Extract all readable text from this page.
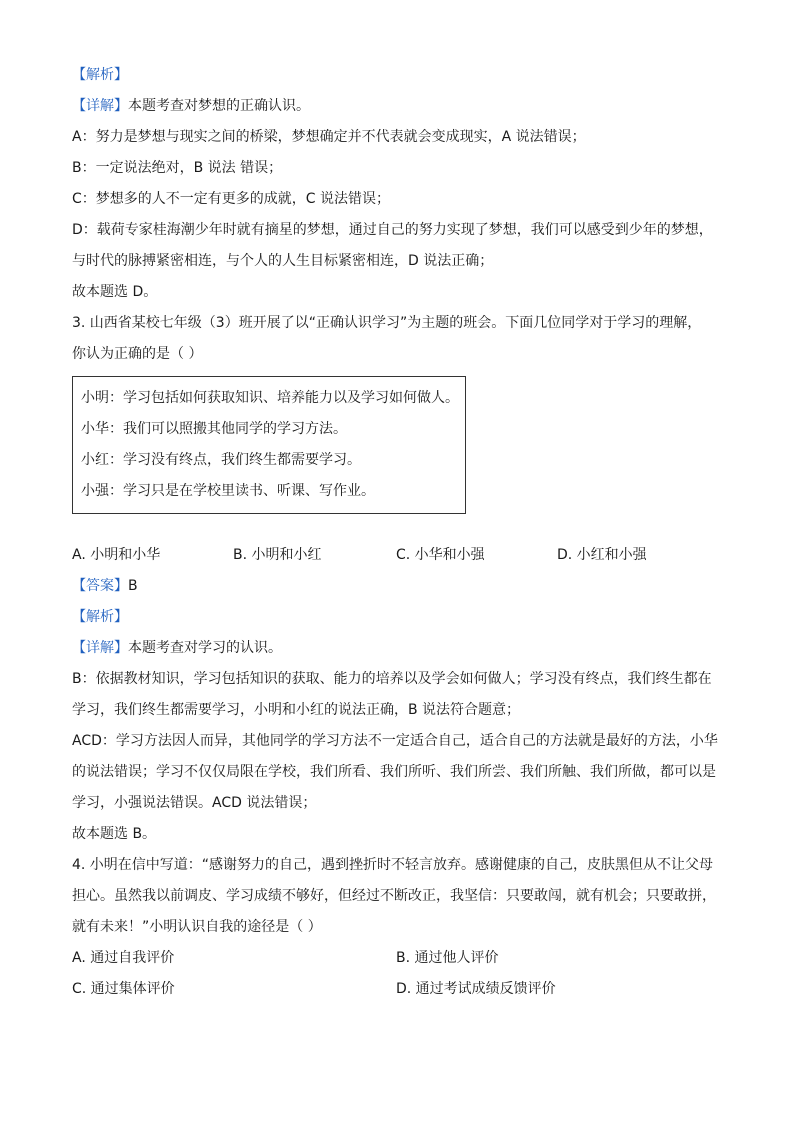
【解析】
【详解】本题考查对梦想的正确认识。
A：努力是梦想与现实之间的桥梁，梦想确定并不代表就会变成现实，A 说法错误；
B：一定说法绝对，B 说法 错误；
C：梦想多的人不一定有更多的成就，C 说法错误；
D：载荷专家桂海潮少年时就有摘星的梦想，通过自己的努力实现了梦想，我们可以感受到少年的梦想，
与时代的脉搏紧密相连，与个人的人生目标紧密相连，D 说法正确；
故本题选 D。
3. 山西省某校七年级（3）班开展了以“正确认识学习”为主题的班会。下面几位同学对于学习的理解，
你认为正确的是（ ）
小明：学习包括如何获取知识、培养能力以及学习如何做人。
小华：我们可以照搬其他同学的学习方法。
小红：学习没有终点，我们终生都需要学习。
小强：学习只是在学校里读书、听课、写作业。
A. 小明和小华	B. 小明和小红	C. 小华和小强	D. 小红和小强
【答案】B
【解析】
【详解】本题考查对学习的认识。
B：依据教材知识，学习包括知识的获取、能力的培养以及学会如何做人；学习没有终点，我们终生都在
学习，我们终生都需要学习，小明和小红的说法正确，B 说法符合题意；
ACD：学习方法因人而异，其他同学的学习方法不一定适合自己，适合自己的方法就是最好的方法，小华
的说法错误；学习不仅仅局限在学校，我们所看、我们所听、我们所尝、我们所触、我们所做，都可以是
学习，小强说法错误。ACD 说法错误；
故本题选 B。
4. 小明在信中写道：“感谢努力的自己，遇到挫折时不轻言放弃。感谢健康的自己，皮肤黑但从不让父母
担心。虽然我以前调皮、学习成绩不够好，但经过不断改正，我坚信：只要敢闯，就有机会；只要敢拼，
就有未来！”小明认识自我的途径是（ ）
A. 通过自我评价	B. 通过他人评价
C. 通过集体评价	D. 通过考试成绩反馈评价
